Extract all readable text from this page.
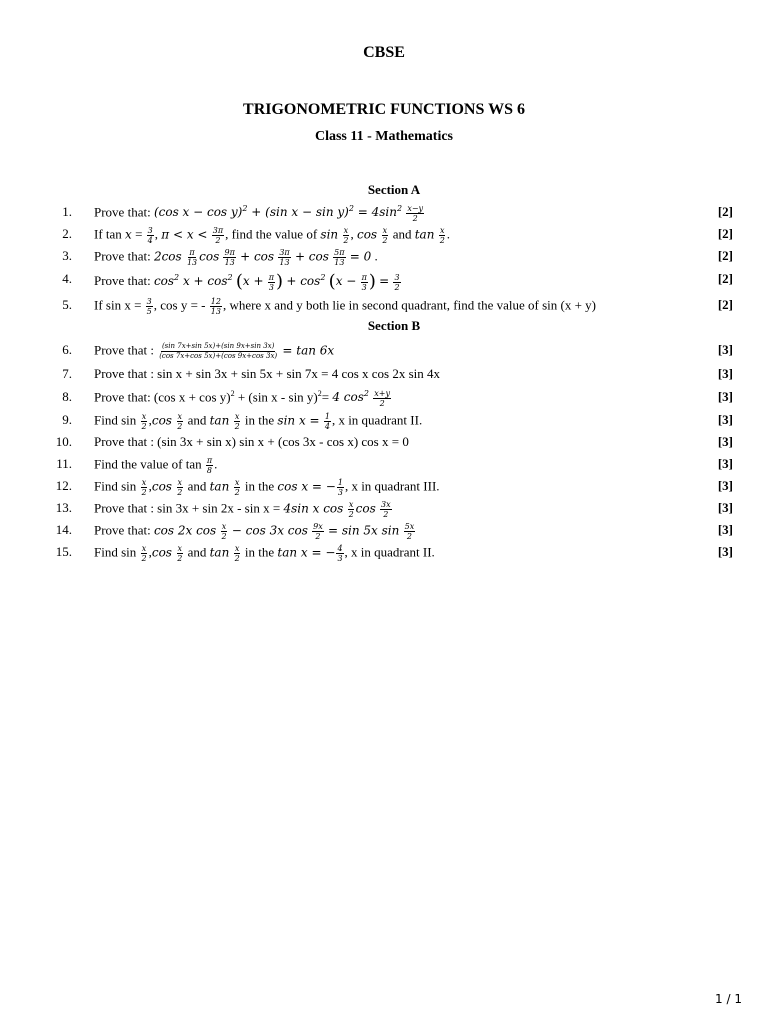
CBSE
TRIGONOMETRIC FUNCTIONS WS 6
Class 11 - Mathematics
Section A
1. Prove that: (cos x − cos y)$^2$ + (sin $x - \sin y)^2 = 4\sin^2 \frac{x-y}{2}$	[2]
2. If $\tan x = \frac{3}{4}$ , $\pi < x < \frac{3\pi}{2}$ , find the value of $\sin \frac{x}{2}$ , $\cos \frac{x}{2}$ and $\tan \frac{x}{2}$ .	[2]
3. Prove that: $2\cos \frac{\pi}{13}$ $\cos \frac{9\pi}{13} + \cos \frac{3\pi}{13} + \cos \frac{5\pi}{13} = 0$ .	[2]
4. Prove that: $\cos^2 x + \cos^2 (x + \frac{\pi}{3}$ ) + $\cos^2 (x - \frac{\pi}{3}$ ) = $\frac{3}{2}$	[2]
5. If $\sin x = \frac{3}{5}$ , cos y = - $\frac{12}{13}$ , where x and y both lie in second quadrant, find the value of sin (x + y)	[2]
Section B
6. Prove that : $\frac{(\sin 7x+\sin 5x)+(\sin 9x+\sin 3x)}{(\cos 7x+\cos 5x)+(\cos 9x+\cos 3x)} = \tan 6x$	[3]
7. Prove that : sin x + sin 3x + sin 5x + sin 7x = 4 cos x cos 2x sin 4x	[3]
8. Prove that: (cos x + cos y)$^2$ + (sin x - sin y)$^2$= 4 $\cos^2 \frac{x+y}{2}$	[3]
9. Find $\sin \frac{x}{2} ,\cos \frac{x}{2}$ and $\tan \frac{x}{2}$ in the $\sin x = \frac{1}{4}$ , x in quadrant II.	[3]
10. Prove that : (sin 3x + sin x) sin x + (cos 3x - cos x) cos x = 0	[3]
11. Find the value of $\tan \frac{\pi}{8}$ .	[3]
12. Find $\sin \frac{x}{2} ,\cos \frac{x}{2}$ and $\tan \frac{x}{2}$ in the cos x = − $\frac{1}{3}$ , x in quadrant III.	[3]
13. Prove that : sin 3x + sin 2x - sin x = 4sin x $\cos \frac{x}{2}$ $\cos \frac{3x}{2}$	[3]
14. Prove that: cos 2x $\cos \frac{x}{2} - \cos 3x$ $\cos \frac{9x}{2} = \sin 5x$ $\sin \frac{5x}{2}$	[3]
15. Find $\sin \frac{x}{2} ,\cos \frac{x}{2}$ and $\tan \frac{x}{2}$ in the tan x = − $\frac{4}{3}$ , x in quadrant II.	[3]
1 / 1
